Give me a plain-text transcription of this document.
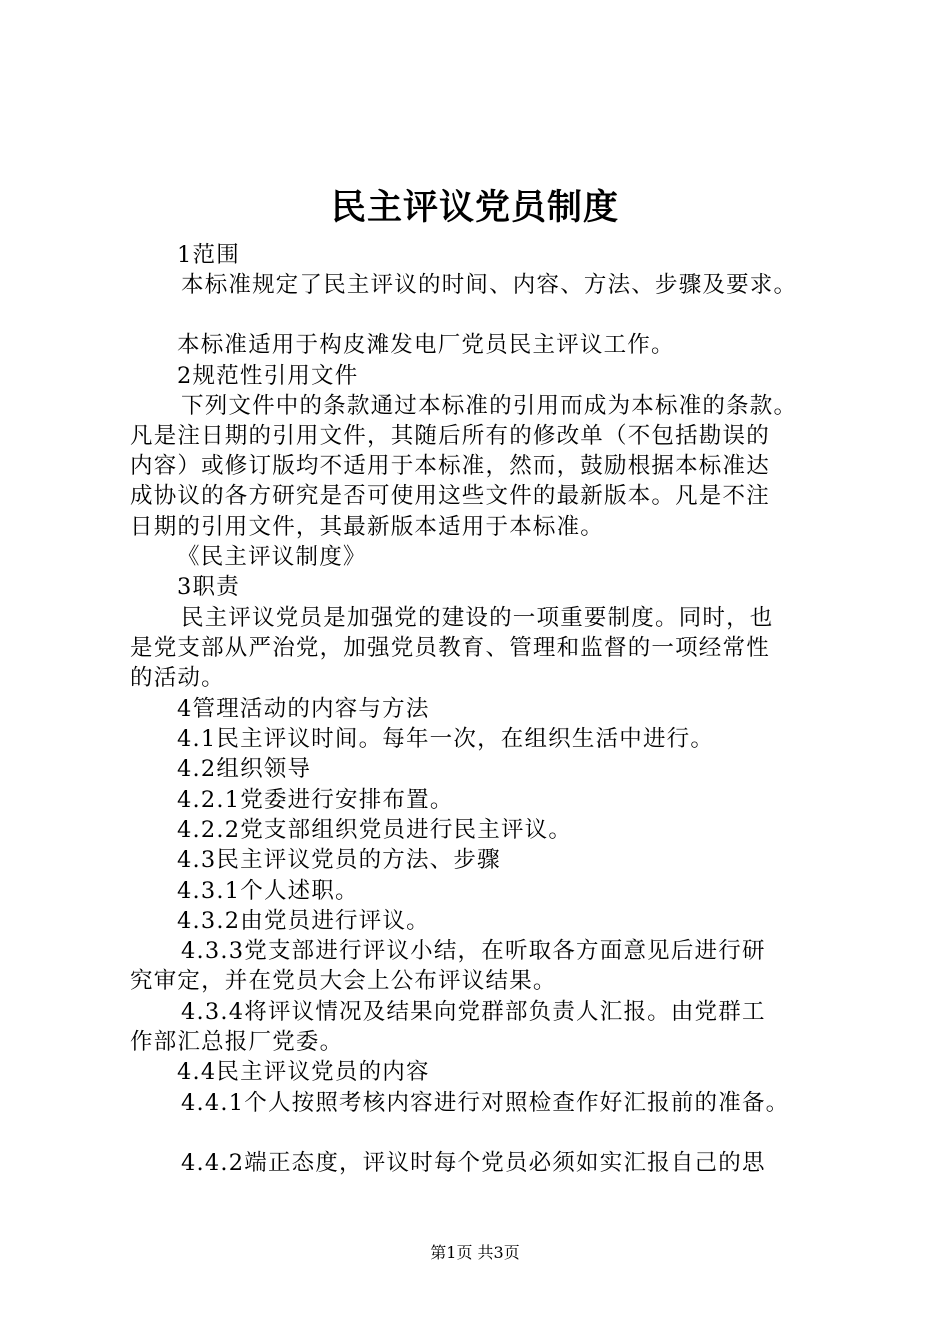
民主评议党员制度
1范围
本标准规定了民主评议的时间、内容、方法、步骤及要求。
本标准适用于构皮滩发电厂党员民主评议工作。
2规范性引用文件
下列文件中的条款通过本标准的引用而成为本标准的条款。
凡是注日期的引用文件，其随后所有的修改单（不包括勘误的
内容）或修订版均不适用于本标准，然而，鼓励根据本标准达
成协议的各方研究是否可使用这些文件的最新版本。凡是不注
日期的引用文件，其最新版本适用于本标准。
《民主评议制度》
3职责
民主评议党员是加强党的建设的一项重要制度。同时，也
是党支部从严治党，加强党员教育、管理和监督的一项经常性
的活动。
4管理活动的内容与方法
4.1民主评议时间。每年一次，在组织生活中进行。
4.2组织领导
4.2.1党委进行安排布置。
4.2.2党支部组织党员进行民主评议。
4.3民主评议党员的方法、步骤
4.3.1个人述职。
4.3.2由党员进行评议。
4.3.3党支部进行评议小结，在听取各方面意见后进行研
究审定，并在党员大会上公布评议结果。
4.3.4将评议情况及结果向党群部负责人汇报。由党群工
作部汇总报厂党委。
4.4民主评议党员的内容
4.4.1个人按照考核内容进行对照检查作好汇报前的准备。
4.4.2端正态度，评议时每个党员必须如实汇报自己的思
第1页 共3页
